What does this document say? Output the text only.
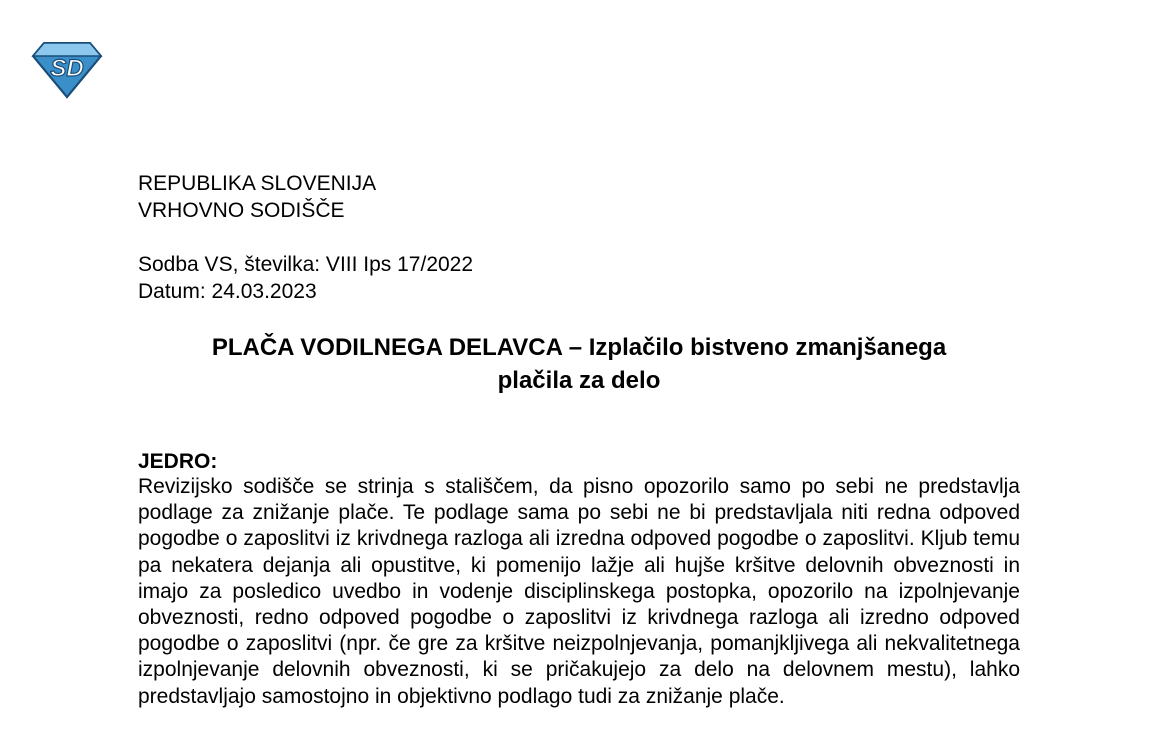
SD
REPUBLIKA SLOVENIJA
VRHOVNO SODIŠČE
Sodba VS, številka: VIII Ips 17/2022
Datum: 24.03.2023
PLAČA VODILNEGA DELAVCA – Izplačilo bistveno zmanjšanega
plačila za delo
JEDRO:
Revizijsko sodišče se strinja s stališčem, da pisno opozorilo samo po sebi ne predstavlja podlage za znižanje plače. Te podlage sama po sebi ne bi predstavljala niti redna odpoved pogodbe o zaposlitvi iz krivdnega razloga ali izredna odpoved pogodbe o zaposlitvi. Kljub temu pa nekatera dejanja ali opustitve, ki pomenijo lažje ali hujše kršitve delovnih obveznosti in imajo za posledico uvedbo in vodenje disciplinskega postopka, opozorilo na izpolnjevanje obveznosti, redno odpoved pogodbe o zaposlitvi iz krivdnega razloga ali izredno odpoved pogodbe o zaposlitvi (npr. če gre za kršitve neizpolnjevanja, pomanjkljivega ali nekvalitetnega izpolnjevanje delovnih obveznosti, ki se pričakujejo za delo na delovnem mestu), lahko predstavljajo samostojno in objektivno podlago tudi za znižanje plače.
